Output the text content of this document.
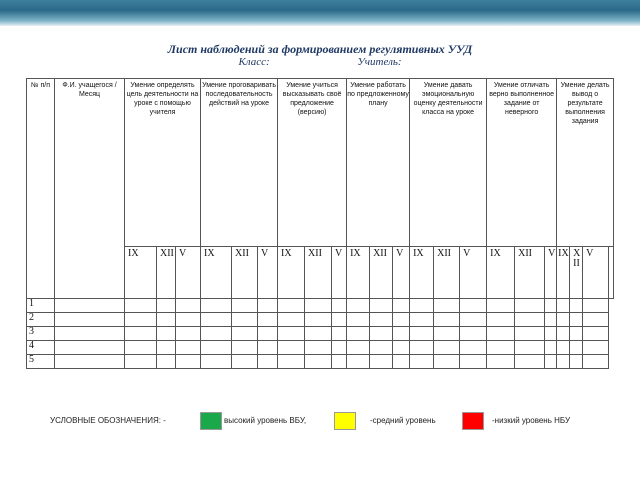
Лист наблюдений за формированием регулятивных УУД
Класс:	Учитель:
№ п/п	Ф.И. учащегося /Месяц	Умение определять цель деятельности на уроке с помощью учителя			Умение проговаривать последовательность действий на уроке			Умение учиться высказывать своё предложение (версию)			Умение работать по предложенному плану			Умение давать эмоциональную оценку деятельности класса на уроке			Умение отличать верно выполненное задание от неверного			Умение делать вывод о результате выполнения задания			
		IX	XII	V	IX	XII	V	IX	XII	V	IX	XII	V	IX	XII	V	IX	XII	V	IX	XII	V	
1																							
2																							
3																							
4																							
5																							
УСЛОВНЫЕ ОБОЗНАЧЕНИЯ: -	высокий уровень ВБУ,	-средний уровень	-низкий уровень НБУ
